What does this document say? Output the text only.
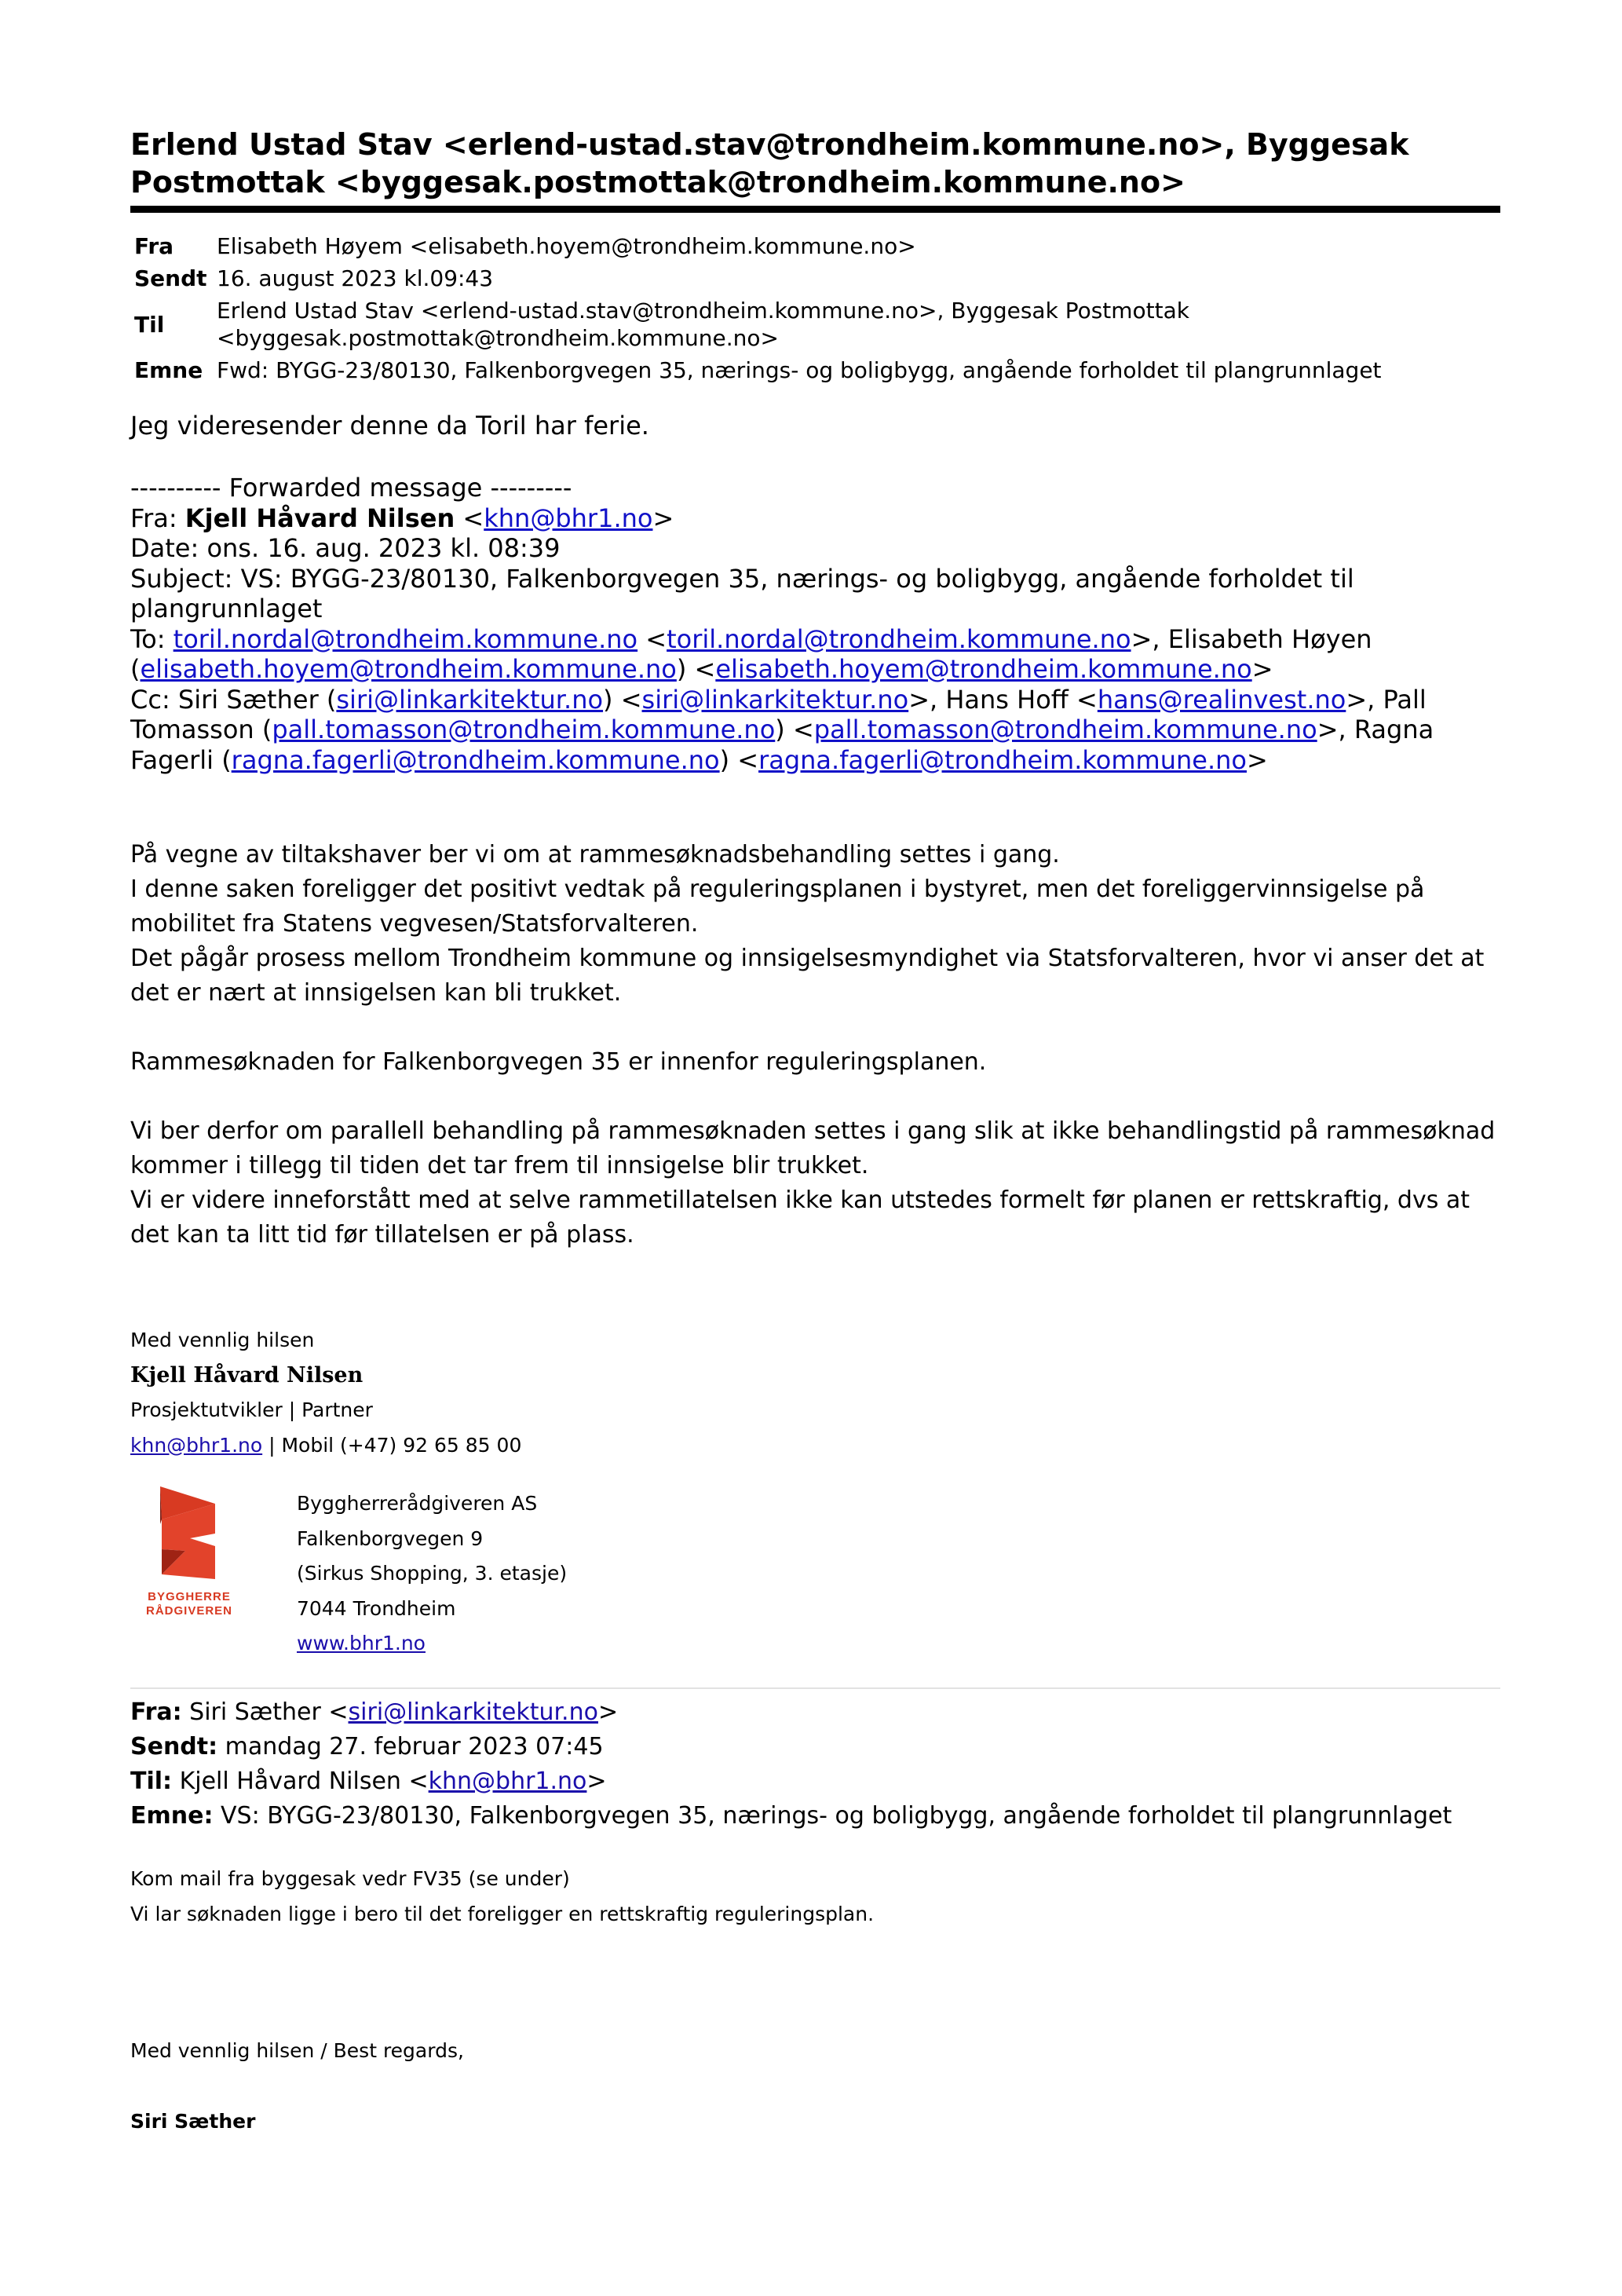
Erlend Ustad Stav <erlend-ustad.stav@trondheim.kommune.no>, Byggesak Postmottak <byggesak.postmottak@trondheim.kommune.no>
Fra	Elisabeth Høyem <elisabeth.hoyem@trondheim.kommune.no>
Sendt	16. august 2023 kl.09:43
Til	Erlend Ustad Stav <erlend-ustad.stav@trondheim.kommune.no>, Byggesak Postmottak <byggesak.postmottak@trondheim.kommune.no>
Emne	Fwd: BYGG-23/80130, Falkenborgvegen 35, nærings- og boligbygg, angående forholdet til plangrunnlaget
Jeg videresender denne da Toril har ferie.
---------- Forwarded message ---------
Fra: Kjell Håvard Nilsen <khn@bhr1.no>
Date: ons. 16. aug. 2023 kl. 08:39
Subject: VS: BYGG-23/80130, Falkenborgvegen 35, nærings- og boligbygg, angående forholdet til plangrunnlaget
To: toril.nordal@trondheim.kommune.no <toril.nordal@trondheim.kommune.no>, Elisabeth Høyen (elisabeth.hoyem@trondheim.kommune.no) <elisabeth.hoyem@trondheim.kommune.no>
Cc: Siri Sæther (siri@linkarkitektur.no) <siri@linkarkitektur.no>, Hans Hoff <hans@realinvest.no>, Pall Tomasson (pall.tomasson@trondheim.kommune.no) <pall.tomasson@trondheim.kommune.no>, Ragna Fagerli (ragna.fagerli@trondheim.kommune.no) <ragna.fagerli@trondheim.kommune.no>

På vegne av tiltakshaver ber vi om at rammesøknadsbehandling settes i gang.

I denne saken foreligger det positivt vedtak på reguleringsplanen i bystyret, men det foreliggervinnsigelse på mobilitet fra Statens vegvesen/Statsforvalteren.

Det pågår prosess mellom Trondheim kommune og innsigelsesmyndighet via Statsforvalteren, hvor vi anser det at det er nært at innsigelsen kan bli trukket.

Rammesøknaden for Falkenborgvegen 35 er innenfor reguleringsplanen.

Vi ber derfor om parallell behandling på rammesøknaden settes i gang slik at ikke behandlingstid på rammesøknad kommer i tillegg til tiden det tar frem til innsigelse blir trukket.

Vi er videre inneforstått med at selve rammetillatelsen ikke kan utstedes formelt før planen er rettskraftig, dvs at det kan ta litt tid før tillatelsen er på plass.

Med vennlig hilsen
Kjell Håvard Nilsen
Prosjektutvikler | Partner
khn@bhr1.no | Mobil (+47) 92 65 85 00
BYGGHERRE
RÅDGIVEREN
Byggherrerådgiveren AS
Falkenborgvegen 9
(Sirkus Shopping, 3. etasje)
7044 Trondheim
www.bhr1.no
Fra: Siri Sæther <siri@linkarkitektur.no>
Sendt: mandag 27. februar 2023 07:45
Til: Kjell Håvard Nilsen <khn@bhr1.no>
Emne: VS: BYGG-23/80130, Falkenborgvegen 35, nærings- og boligbygg, angående forholdet til plangrunnlaget
Kom mail fra byggesak vedr FV35 (se under)
Vi lar søknaden ligge i bero til det foreligger en rettskraftig reguleringsplan.
Med vennlig hilsen / Best regards,
Siri Sæther
